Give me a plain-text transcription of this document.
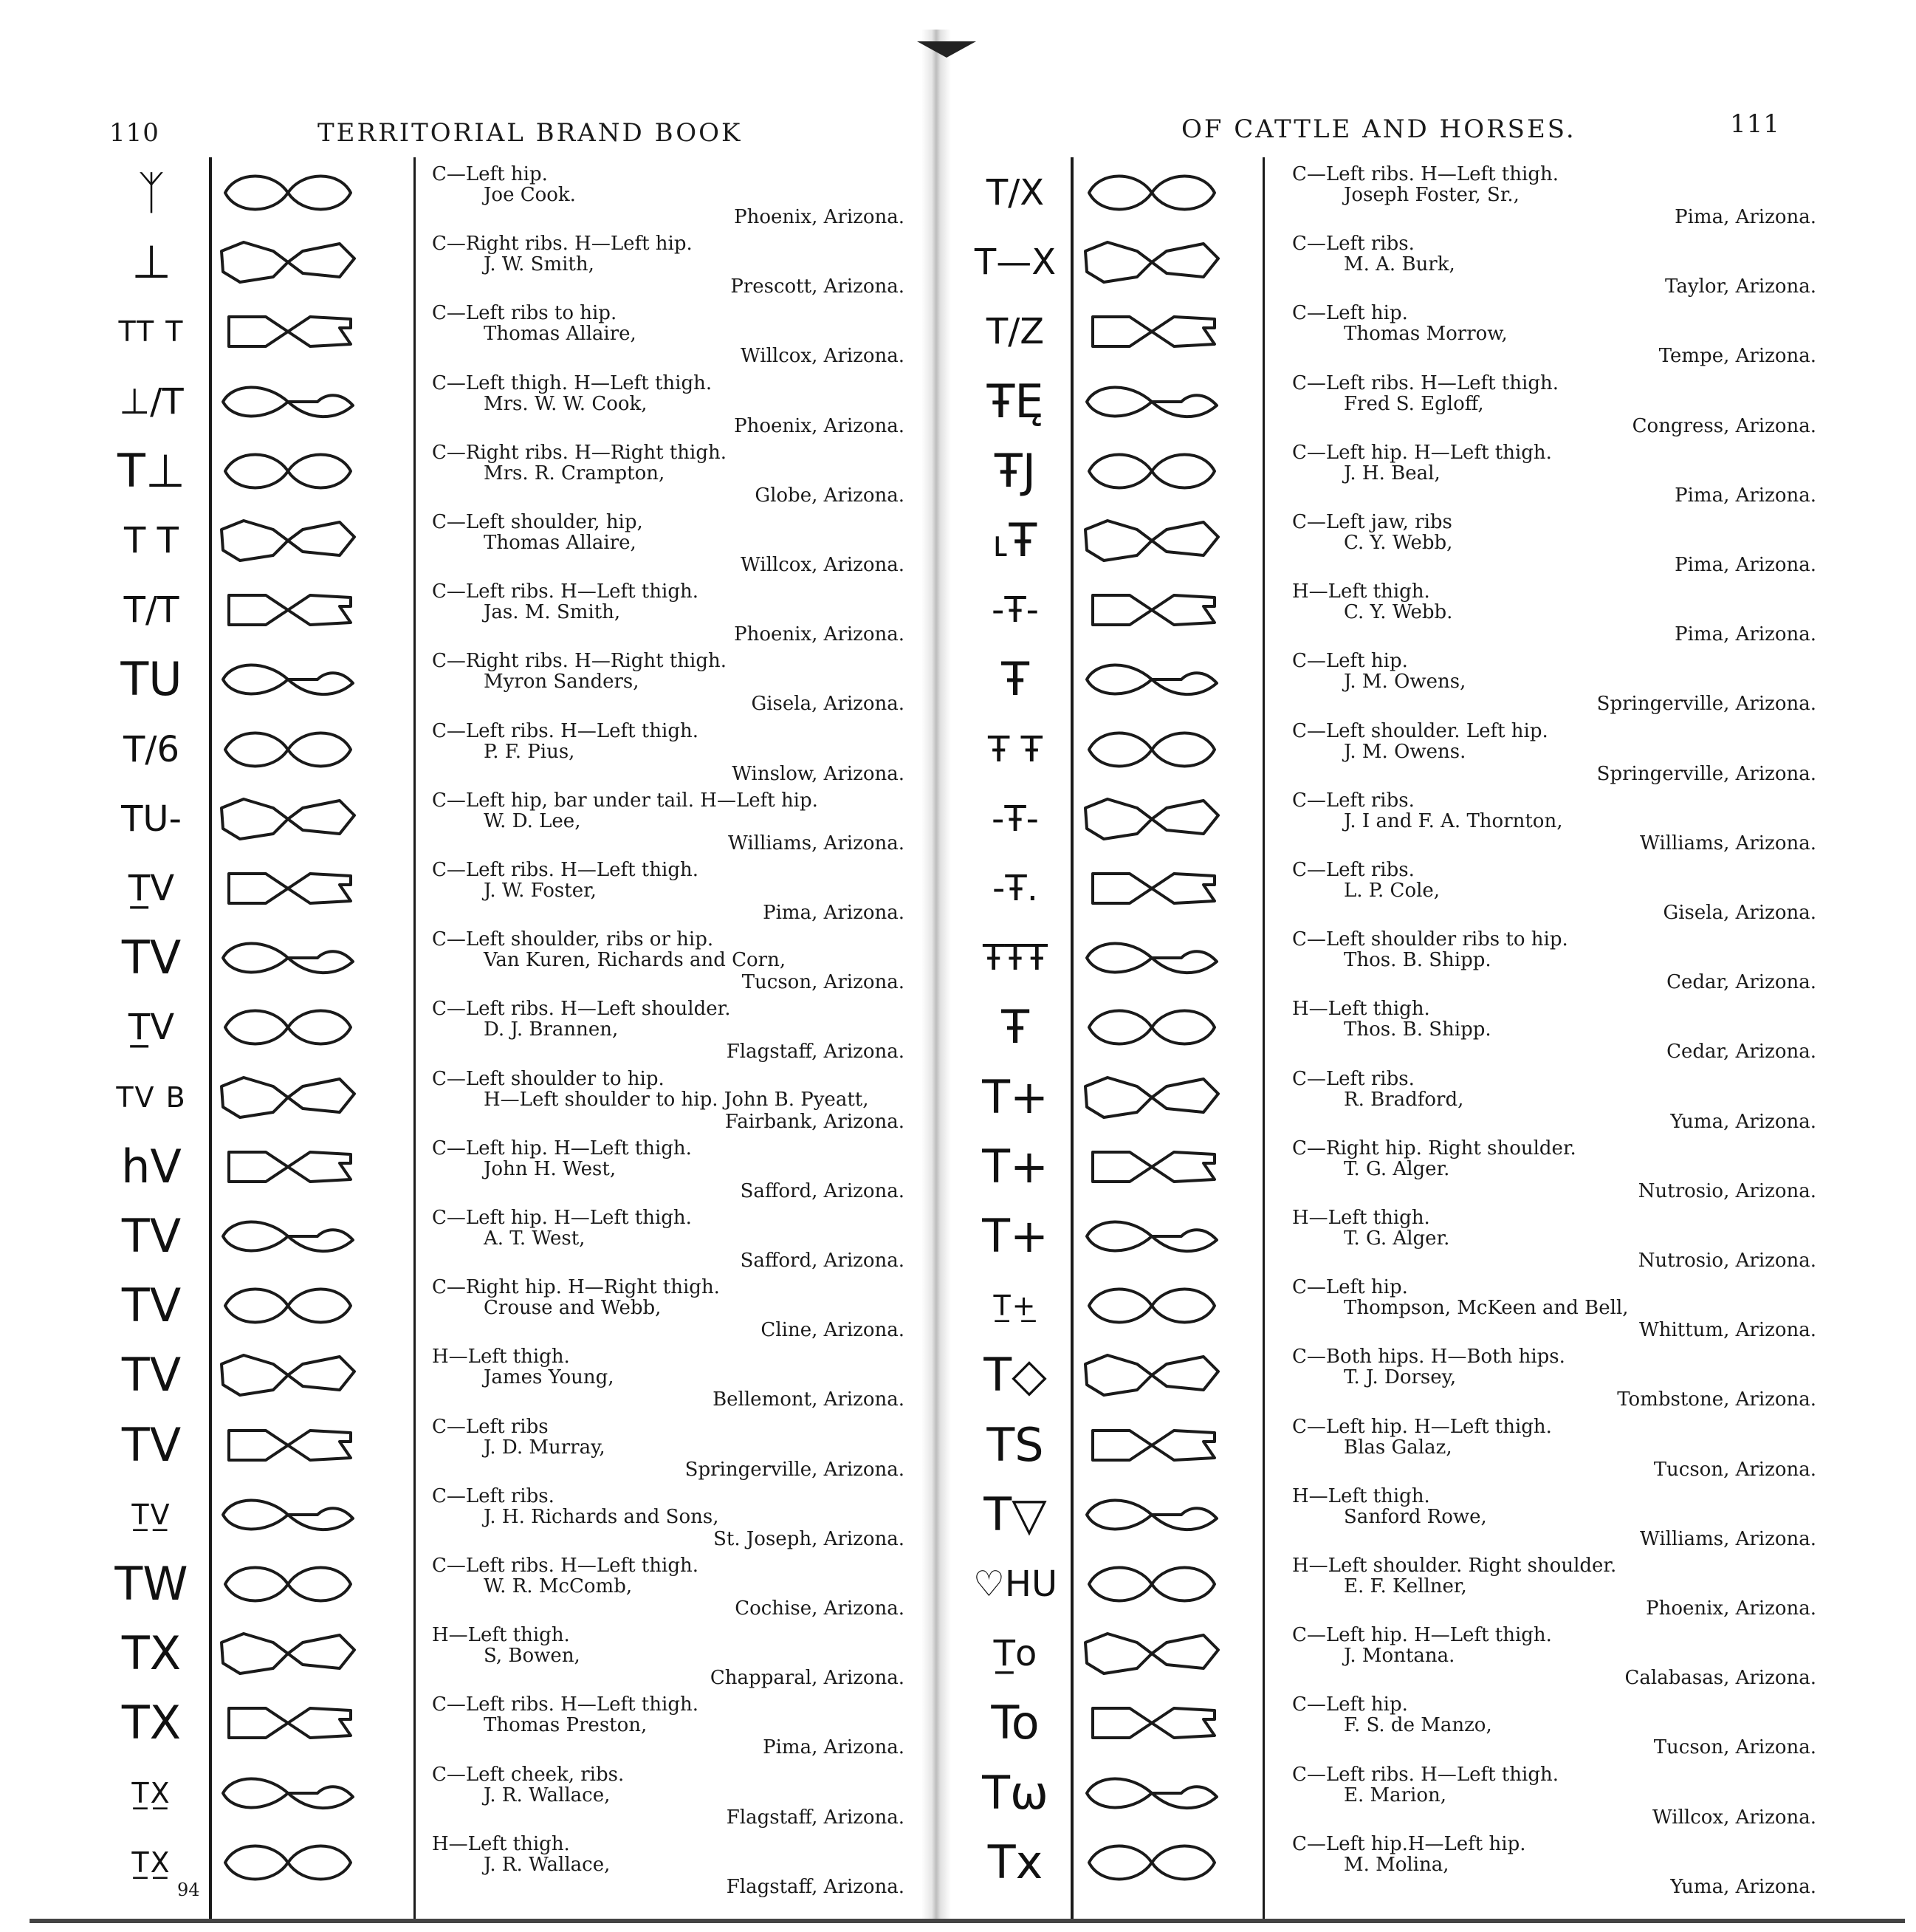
110	TERRITORIAL BRAND BOOK
ᛉ
⊥
TT T
⊥/T
T⊥
T T
T/T
TU
T/6
TU-
T̲V
TV
T̲V
TV B
hV
TV
TV
TV
TV
T̲V̲
TW
TX
TX
T̲X̲
T̲X̲
C—Left hip.
Joe Cook.
Phoenix, Arizona.
C—Right ribs. H—Left hip.
J. W. Smith,
Prescott, Arizona.
C—Left ribs to hip.
Thomas Allaire,
Willcox, Arizona.
C—Left thigh. H—Left thigh.
Mrs. W. W. Cook,
Phoenix, Arizona.
C—Right ribs. H—Right thigh.
Mrs. R. Crampton,
Globe, Arizona.
C—Left shoulder, hip,
Thomas Allaire,
Willcox, Arizona.
C—Left ribs. H—Left thigh.
Jas. M. Smith,
Phoenix, Arizona.
C—Right ribs. H—Right thigh.
Myron Sanders,
Gisela, Arizona.
C—Left ribs. H—Left thigh.
P. F. Pius,
Winslow, Arizona.
C—Left hip, bar under tail. H—Left hip.
W. D. Lee,
Williams, Arizona.
C—Left ribs. H—Left thigh.
J. W. Foster,
Pima, Arizona.
C—Left shoulder, ribs or hip.
Van Kuren, Richards and Corn,
Tucson, Arizona.
C—Left ribs. H—Left shoulder.
D. J. Brannen,
Flagstaff, Arizona.
C—Left shoulder to hip.
H—Left shoulder to hip. John B. Pyeatt,
Fairbank, Arizona.
C—Left hip. H—Left thigh.
John H. West,
Safford, Arizona.
C—Left hip. H—Left thigh.
A. T. West,
Safford, Arizona.
C—Right hip. H—Right thigh.
Crouse and Webb,
Cline, Arizona.
H—Left thigh.
James Young,
Bellemont, Arizona.
C—Left ribs
J. D. Murray,
Springerville, Arizona.
C—Left ribs.
J. H. Richards and Sons,
St. Joseph, Arizona.
C—Left ribs. H—Left thigh.
W. R. McComb,
Cochise, Arizona.
H—Left thigh.
S, Bowen,
Chapparal, Arizona.
C—Left ribs. H—Left thigh.
Thomas Preston,
Pima, Arizona.
C—Left cheek, ribs.
J. R. Wallace,
Flagstaff, Arizona.
H—Left thigh.
J. R. Wallace,
Flagstaff, Arizona.
94
OF CATTLE AND HORSES.	111
T/X
T—X
T/Z
ŦĘ
ŦJ
˪Ŧ
-Ŧ-
Ŧ
Ŧ Ŧ
-Ŧ-
-Ŧ.
ŦŦŦ
Ŧ
T+
T+
T+
T̲+̲
T◇
TS
T▽
♡HU
T̲o
To
Tω
Tx
C—Left ribs. H—Left thigh.
Joseph Foster, Sr.,
Pima, Arizona.
C—Left ribs.
M. A. Burk,
Taylor, Arizona.
C—Left hip.
Thomas Morrow,
Tempe, Arizona.
C—Left ribs. H—Left thigh.
Fred S. Egloff,
Congress, Arizona.
C—Left hip. H—Left thigh.
J. H. Beal,
Pima, Arizona.
C—Left jaw, ribs
C. Y. Webb,
Pima, Arizona.
H—Left thigh.
C. Y. Webb.
Pima, Arizona.
C—Left hip.
J. M. Owens,
Springerville, Arizona.
C—Left shoulder. Left hip.
J. M. Owens.
Springerville, Arizona.
C—Left ribs.
J. I and F. A. Thornton,
Williams, Arizona.
C—Left ribs.
L. P. Cole,
Gisela, Arizona.
C—Left shoulder ribs to hip.
Thos. B. Shipp.
Cedar, Arizona.
H—Left thigh.
Thos. B. Shipp.
Cedar, Arizona.
C—Left ribs.
R. Bradford,
Yuma, Arizona.
C—Right hip. Right shoulder.
T. G. Alger.
Nutrosio, Arizona.
H—Left thigh.
T. G. Alger.
Nutrosio, Arizona.
C—Left hip.
Thompson, McKeen and Bell,
Whittum, Arizona.
C—Both hips. H—Both hips.
T. J. Dorsey,
Tombstone, Arizona.
C—Left hip. H—Left thigh.
Blas Galaz,
Tucson, Arizona.
H—Left thigh.
Sanford Rowe,
Williams, Arizona.
H—Left shoulder. Right shoulder.
E. F. Kellner,
Phoenix, Arizona.
C—Left hip. H—Left thigh.
J. Montana.
Calabasas, Arizona.
C—Left hip.
F. S. de Manzo,
Tucson, Arizona.
C—Left ribs. H—Left thigh.
E. Marion,
Willcox, Arizona.
C—Left hip.H—Left hip.
M. Molina,
Yuma, Arizona.
